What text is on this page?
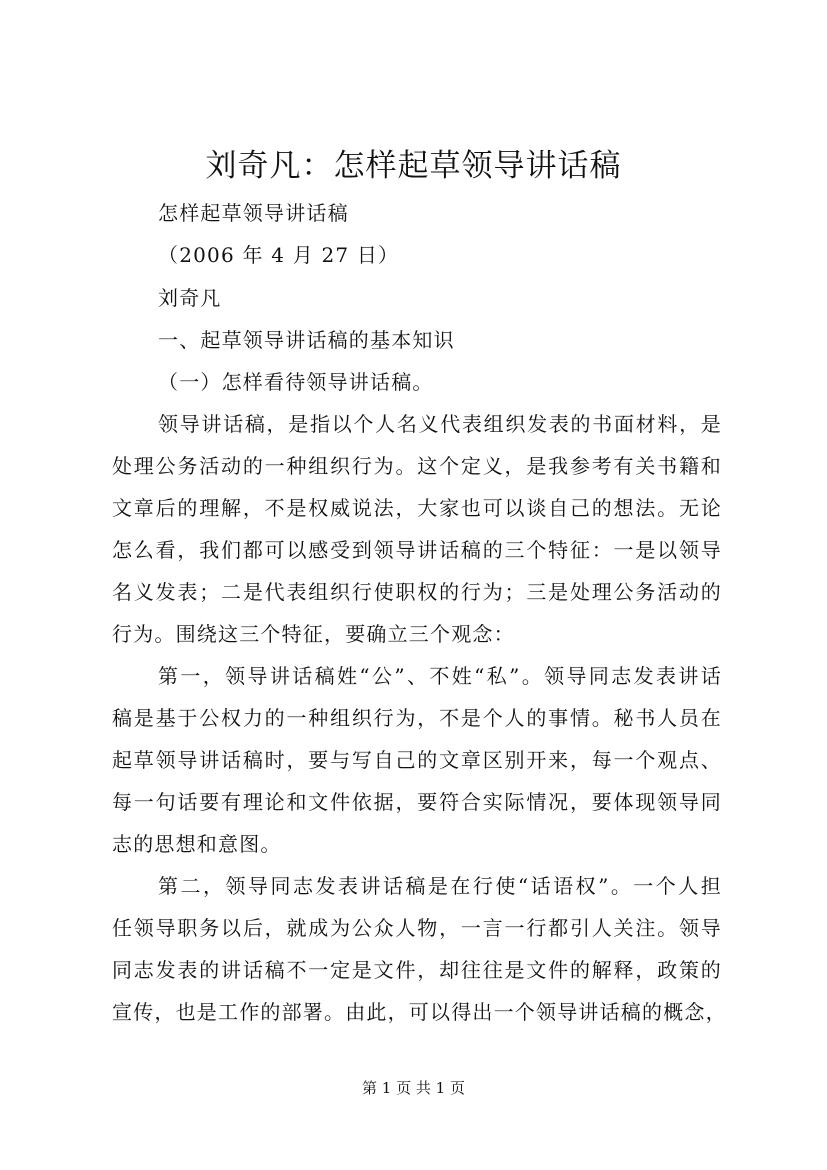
刘奇凡：怎样起草领导讲话稿
怎样起草领导讲话稿
（2006 年 4 月 27 日）
刘奇凡
一、起草领导讲话稿的基本知识
（一）怎样看待领导讲话稿。
领导讲话稿，是指以个人名义代表组织发表的书面材料，是
处理公务活动的一种组织行为。这个定义，是我参考有关书籍和
文章后的理解，不是权威说法，大家也可以谈自己的想法。无论
怎么看，我们都可以感受到领导讲话稿的三个特征：一是以领导
名义发表；二是代表组织行使职权的行为；三是处理公务活动的
行为。围绕这三个特征，要确立三个观念：
第一，领导讲话稿姓“公”、不姓“私”。领导同志发表讲话
稿是基于公权力的一种组织行为，不是个人的事情。秘书人员在
起草领导讲话稿时，要与写自己的文章区别开来，每一个观点、
每一句话要有理论和文件依据，要符合实际情况，要体现领导同
志的思想和意图。
第二，领导同志发表讲话稿是在行使“话语权”。一个人担
任领导职务以后，就成为公众人物，一言一行都引人关注。领导
同志发表的讲话稿不一定是文件，却往往是文件的解释，政策的
宣传，也是工作的部署。由此，可以得出一个领导讲话稿的概念，
第 1 页 共 1 页
